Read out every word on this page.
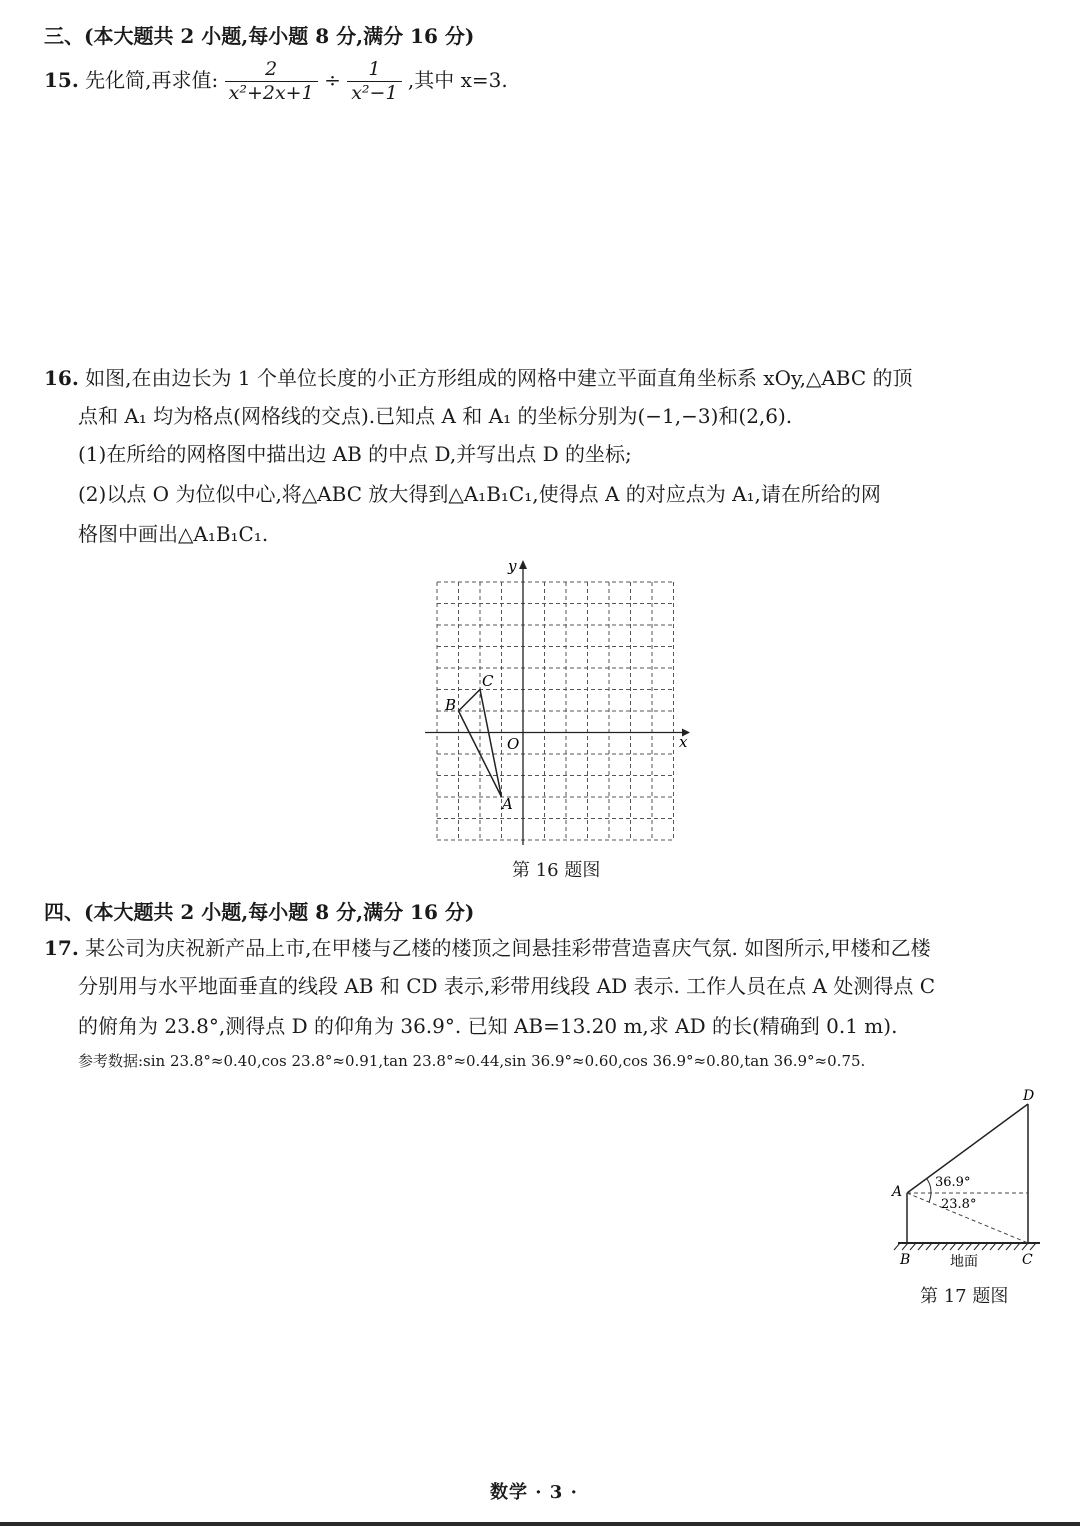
三、(本大题共 2 小题,每小题 8 分,满分 16 分)
15. 先化简,再求值: $\frac{2}{\text{x²+2x+1}} \div \frac{1}{\text{x²−1}}$ ,其中 x=3.
16. 如图,在由边长为 1 个单位长度的小正方形组成的网格中建立平面直角坐标系 xOy,△ABC 的顶
点和 A₁ 均为格点(网格线的交点).已知点 A 和 A₁ 的坐标分别为(−1,−3)和(2,6).
(1)在所给的网格图中描出边 AB 的中点 D,并写出点 D 的坐标;
(2)以点 O 为位似中心,将△ABC 放大得到△A₁B₁C₁,使得点 A 的对应点为 A₁,请在所给的网
格图中画出△A₁B₁C₁.
y
x
O
A
B
C
第 16 题图
四、(本大题共 2 小题,每小题 8 分,满分 16 分)
17. 某公司为庆祝新产品上市,在甲楼与乙楼的楼顶之间悬挂彩带营造喜庆气氛. 如图所示,甲楼和乙楼
分别用与水平地面垂直的线段 AB 和 CD 表示,彩带用线段 AD 表示. 工作人员在点 A 处测得点 C
的俯角为 23.8°,测得点 D 的仰角为 36.9°. 已知 AB=13.20 m,求 AD 的长(精确到 0.1 m).
参考数据:sin 23.8°≈0.40,cos 23.8°≈0.91,tan 23.8°≈0.44,sin 36.9°≈0.60,cos 36.9°≈0.80,tan 36.9°≈0.75.
A
B	C
D
36.9°
23.8°
地面
第 17 题图
数学 · 3 ·
